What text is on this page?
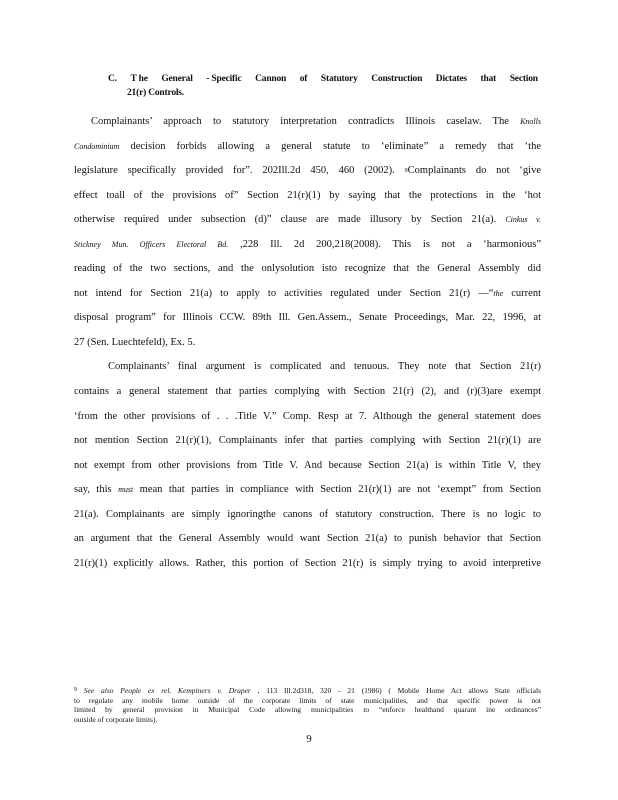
C. T he General - Specific Cannon of Statutory Construction Dictates that Section
21(r) Controls.
Complainants’ approach to statutory interpretation contradicts Illinois caselaw. The Knolls
Condominium decision forbids allowing a general statute to ‘eliminate” a remedy that ‘the
legislature specifically provided for”. 202Ill.2d 450, 460 (2002). $^9$Complainants do not ‘give
effect toall of the provisions of” Section 21(r)(1) by saying that the protections in the ‘hot
otherwise required under subsection (d)” clause are made illusory by Section 21(a). Cinkus v.
Stickney Mun. Officers Electoral Bd. ,228 Ill. 2d 200,218(2008). This is not a ‘harmonious”
reading of the two sections, and the onlysolution isto recognize that the General Assembly did
not intend for Section 21(a) to apply to activities regulated under Section 21(r) —“the current
disposal program” for Illinois CCW. 89th Ill. Gen.Assem., Senate Proceedings, Mar. 22, 1996, at
27 (Sen. Luechtefeld), Ex. 5.
Complainants’ final argument is complicated and tenuous. They note that Section 21(r)
contains a general statement that parties complying with Section 21(r) (2), and (r)(3)are exempt
‘from the other provisions of . . .Title V.” Comp. Resp at 7. Although the general statement does
not mention Section 21(r)(1), Complainants infer that parties complying with Section 21(r)(1) are
not exempt from other provisions from Title V. And because Section 21(a) is within Title V, they
say, this must mean that parties in compliance with Section 21(r)(1) are not ‘exempt” from Section
21(a). Complainants are simply ignoringthe canons of statutory construction. There is no logic to
an argument that the General Assembly would want Section 21(a) to punish behavior that Section
21(r)(1) explicitly allows. Rather, this portion of Section 21(r) is simply trying to avoid interpretive
$^9$ See also People ex rel. Kempiners v. Draper , 113 Ill.2d318, 320 - 21 (1986) ( Mobile Home Act allows State officials
to regulate any mobile home outside of the corporate limits of state municipalities, and that specific power is not
limited by general provision in Municipal Code allowing municipalities to “enforce healthand quarant ine ordinances”
outside of corporate limits).
9
